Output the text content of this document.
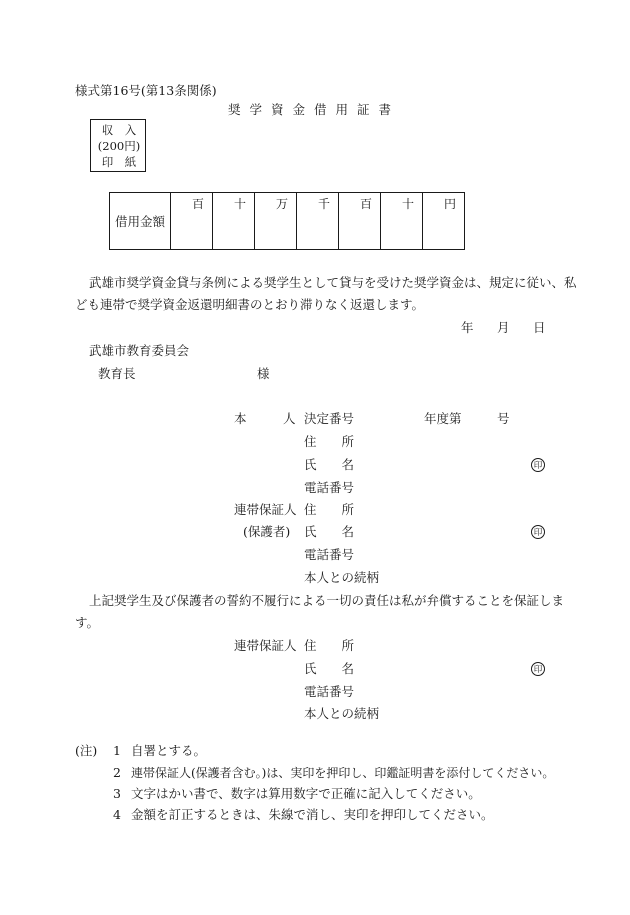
様式第16号(第13条関係)
奨学資金借用証書
収　入
(200円)
印　紙
借用金額	百	十	万	千	百	十	円
武雄市奨学資金貸与条例による奨学生として貸与を受けた奨学資金は、規定に従い、私
ども連帯で奨学資金返還明細書のとおり滞りなく返還します。
年 月 日
武雄市教育委員会
教育長	様
本	人 決定番号	年度第	号
住　　所
氏　　名	印
電話番号
連帯保証人 住　　所
(保護者) 氏　　名	印
電話番号
本人との続柄
上記奨学生及び保護者の誓約不履行による一切の責任は私が弁償することを保証しま
す。
連帯保証人 住　　所
氏　　名	印
電話番号
本人との続柄
(注) 1 自署とする。
2 連帯保証人(保護者含む。)は、実印を押印し、印鑑証明書を添付してください。
3 文字はかい書で、数字は算用数字で正確に記入してください。
4 金額を訂正するときは、朱線で消し、実印を押印してください。
